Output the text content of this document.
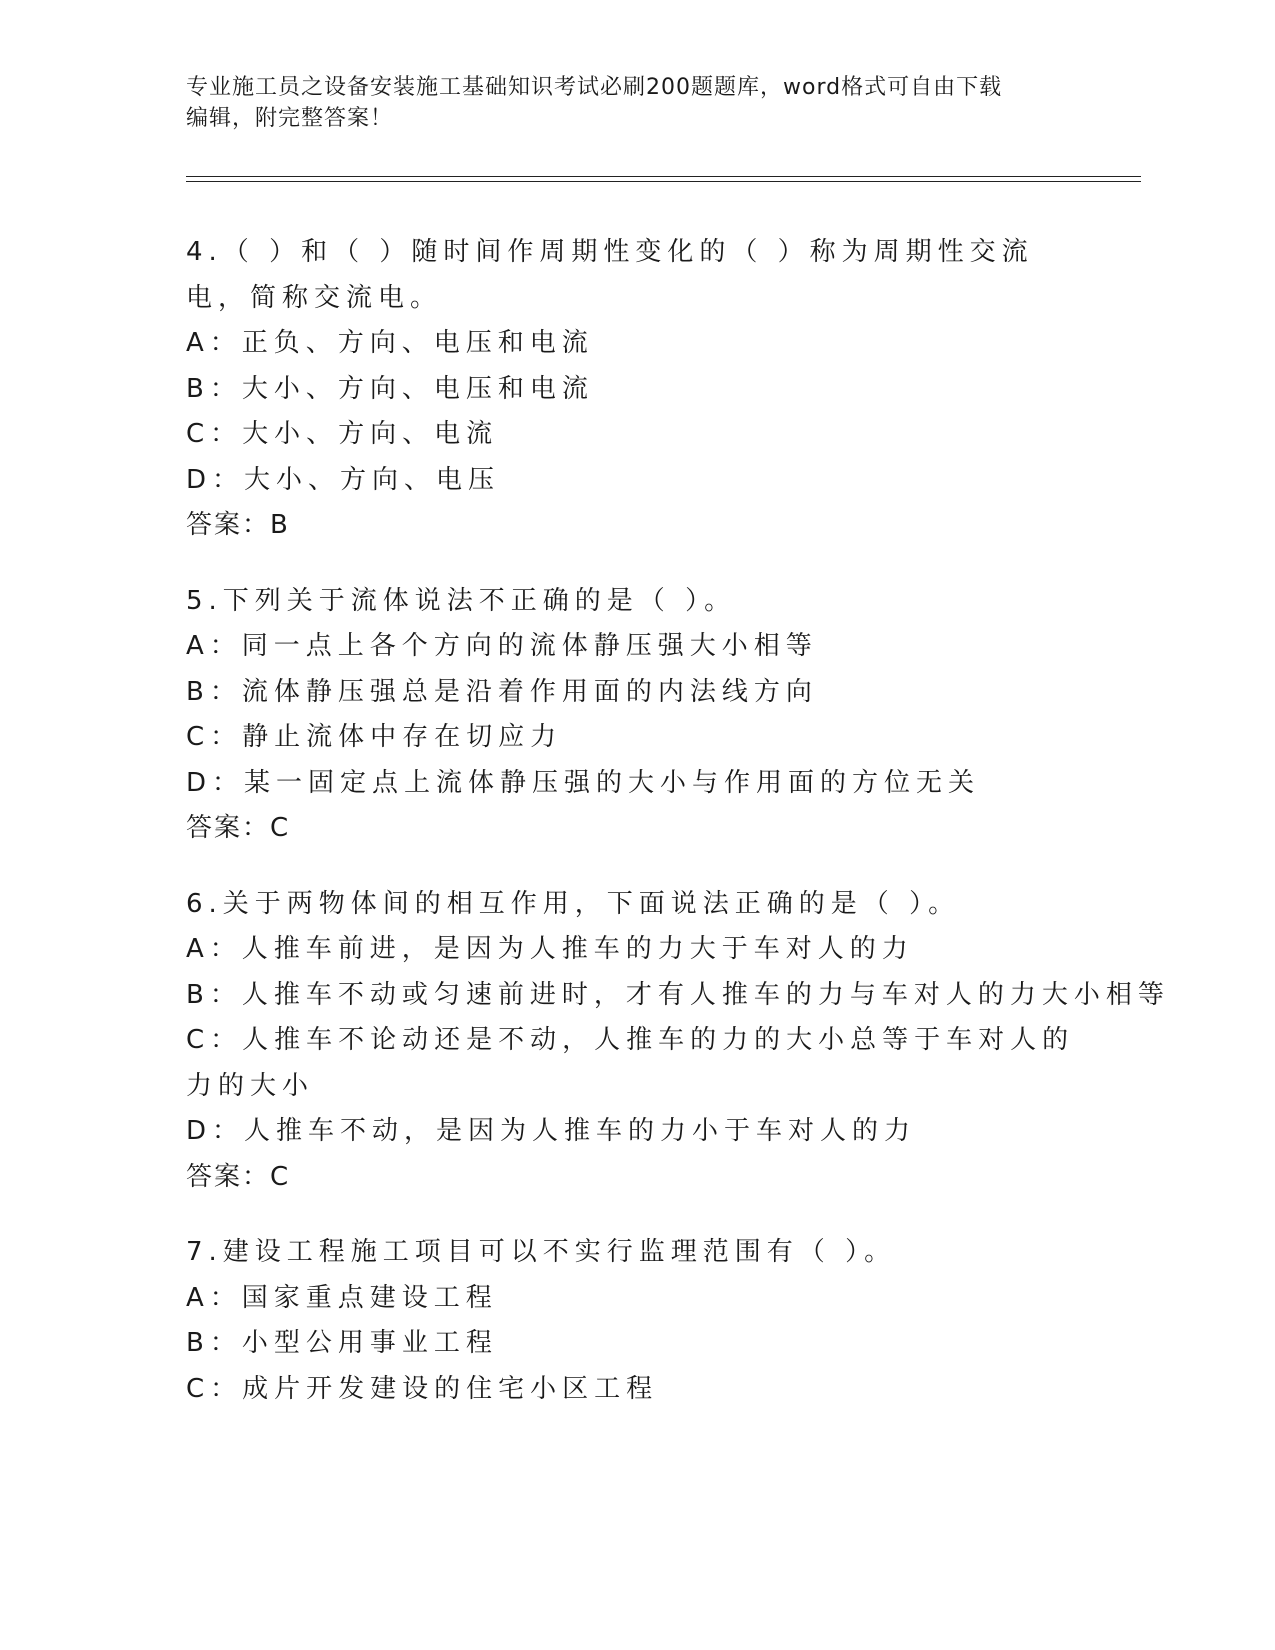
专业施工员之设备安装施工基础知识考试必刷200题题库，word格式可自由下载
编辑，附完整答案！
4.（ ）和（ ）随时间作周期性变化的（ ）称为周期性交流电，简称交流电。
A：正负、方向、电压和电流
B：大小、方向、电压和电流
C：大小、方向、电流
D：大小、方向、电压
答案：B
5.下列关于流体说法不正确的是（ ）。
A：同一点上各个方向的流体静压强大小相等
B：流体静压强总是沿着作用面的内法线方向
C：静止流体中存在切应力
D：某一固定点上流体静压强的大小与作用面的方位无关
答案：C
6.关于两物体间的相互作用，下面说法正确的是（ ）。
A：人推车前进，是因为人推车的力大于车对人的力
B：人推车不动或匀速前进时，才有人推车的力与车对人的力大小相等
C：人推车不论动还是不动，人推车的力的大小总等于车对人的力的大小
D：人推车不动，是因为人推车的力小于车对人的力
答案：C
7.建设工程施工项目可以不实行监理范围有（ ）。
A：国家重点建设工程
B：小型公用事业工程
C：成片开发建设的住宅小区工程
